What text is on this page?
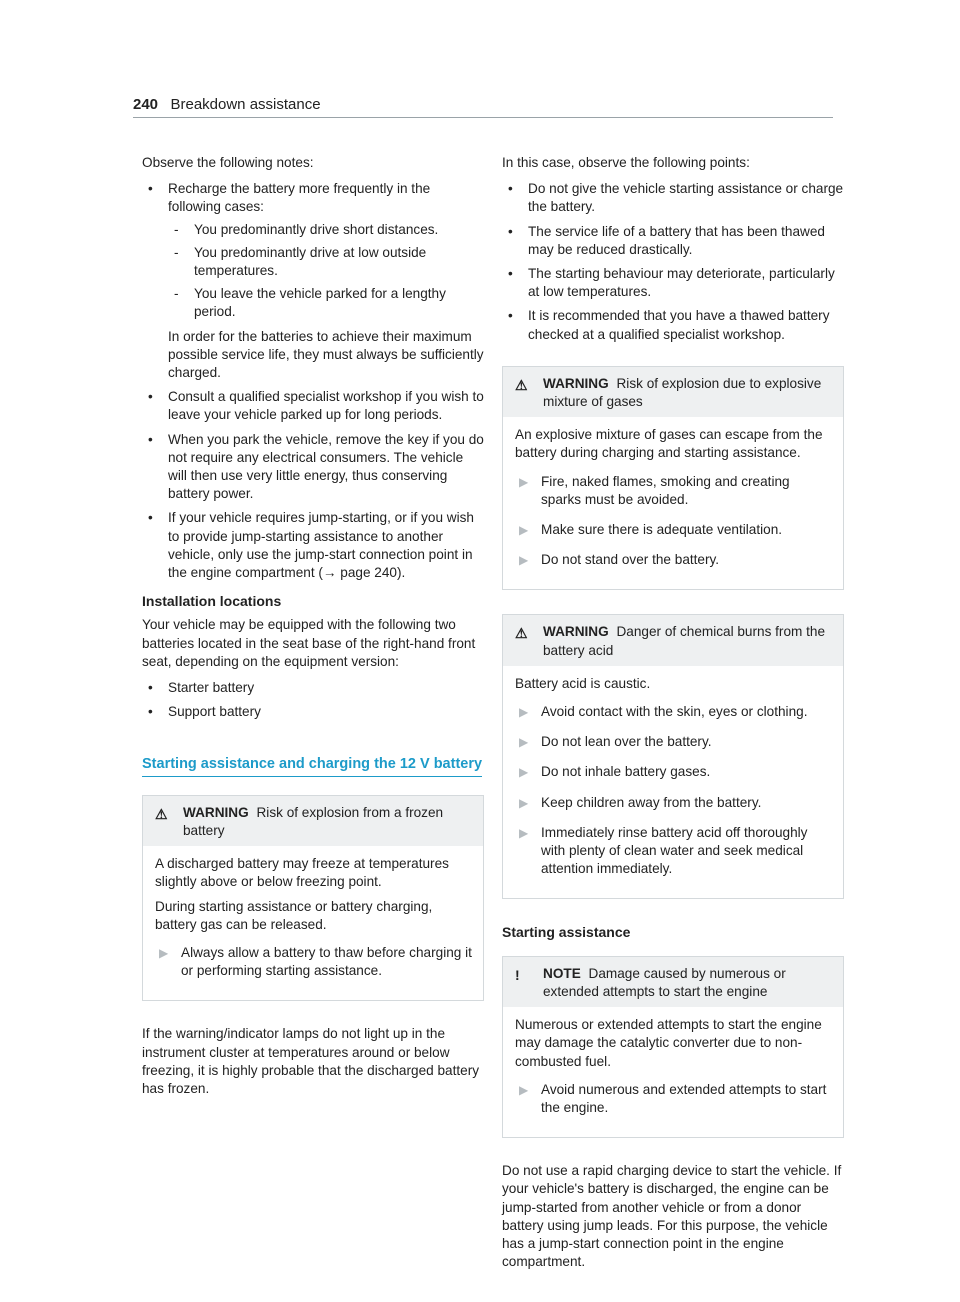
240 Breakdown assistance

Observe the following notes:

• Recharge the battery more frequently in the following cases:
- You predominantly drive short distances.
- You predominantly drive at low outside temperatures.
- You leave the vehicle parked for a lengthy period.
In order for the batteries to achieve their maximum possible service life, they must always be sufficiently charged.
• Consult a qualified specialist workshop if you wish to leave your vehicle parked up for long periods.
• When you park the vehicle, remove the key if you do not require any electrical consumers. The vehicle will then use very little energy, thus conserving battery power.
• If your vehicle requires jump-starting, or if you wish to provide jump-starting assistance to another vehicle, only use the jump-start connection point in the engine compartment (→ page 240).
Installation locations

Your vehicle may be equipped with the following two batteries located in the seat base of the right-hand front seat, depending on the equipment version:

• Starter battery
• Support battery
Starting assistance and charging the 12 V battery
⚠ WARNING Risk of explosion from a frozen battery

A discharged battery may freeze at temperatures slightly above or below freezing point.

During starting assistance or battery charging, battery gas can be released.

▶ Always allow a battery to thaw before charging it or performing starting assistance.

If the warning/indicator lamps do not light up in the instrument cluster at temperatures around or below freezing, it is highly probable that the discharged battery has frozen.

In this case, observe the following points:

• Do not give the vehicle starting assistance or charge the battery.
• The service life of a battery that has been thawed may be reduced drastically.
• The starting behaviour may deteriorate, particularly at low temperatures.
• It is recommended that you have a thawed battery checked at a qualified specialist workshop.
⚠ WARNING Risk of explosion due to explosive mixture of gases

An explosive mixture of gases can escape from the battery during charging and starting assistance.

▶ Fire, naked flames, smoking and creating sparks must be avoided.
▶ Make sure there is adequate ventilation.
▶ Do not stand over the battery.
⚠ WARNING Danger of chemical burns from the battery acid

Battery acid is caustic.

▶ Avoid contact with the skin, eyes or clothing.
▶ Do not lean over the battery.
▶ Do not inhale battery gases.
▶ Keep children away from the battery.
▶ Immediately rinse battery acid off thoroughly with plenty of clean water and seek medical attention immediately.
Starting assistance
! NOTE Damage caused by numerous or extended attempts to start the engine

Numerous or extended attempts to start the engine may damage the catalytic converter due to non-combusted fuel.

▶ Avoid numerous and extended attempts to start the engine.

Do not use a rapid charging device to start the vehicle. If your vehicle's battery is discharged, the engine can be jump-started from another vehicle or from a donor battery using jump leads. For this purpose, the vehicle has a jump-start connection point in the engine compartment.
